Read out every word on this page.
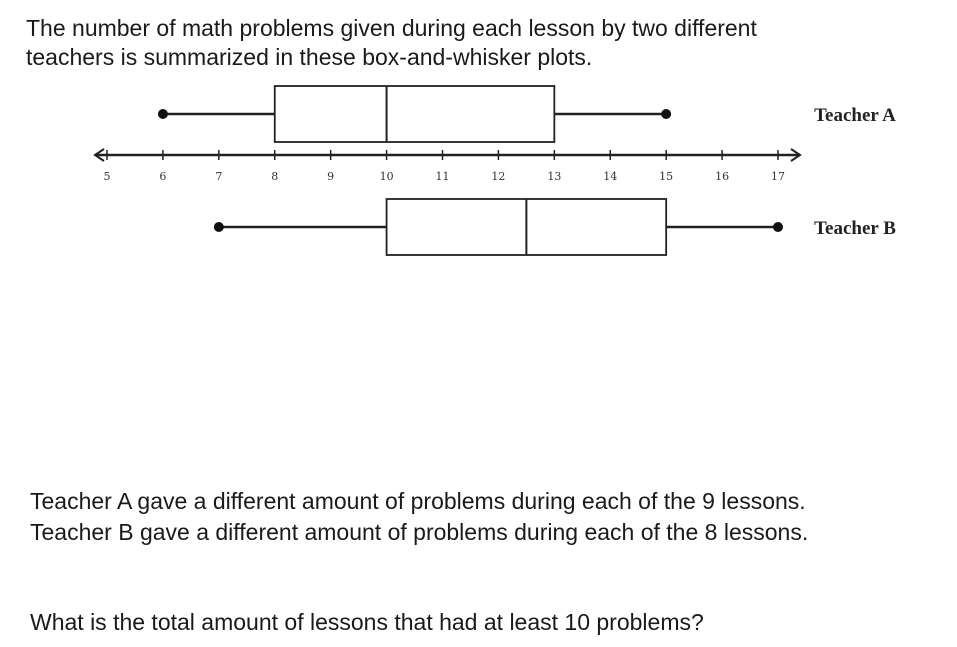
The number of math problems given during each lesson by two different
teachers is summarized in these box-and-whisker plots.

5	6	7	8	9	10	11	12	13	14	15	16	17
Teacher A
Teacher B

Teacher A gave a different amount of problems during each of the 9 lessons.
Teacher B gave a different amount of problems during each of the 8 lessons.

What is the total amount of lessons that had at least 10 problems?
